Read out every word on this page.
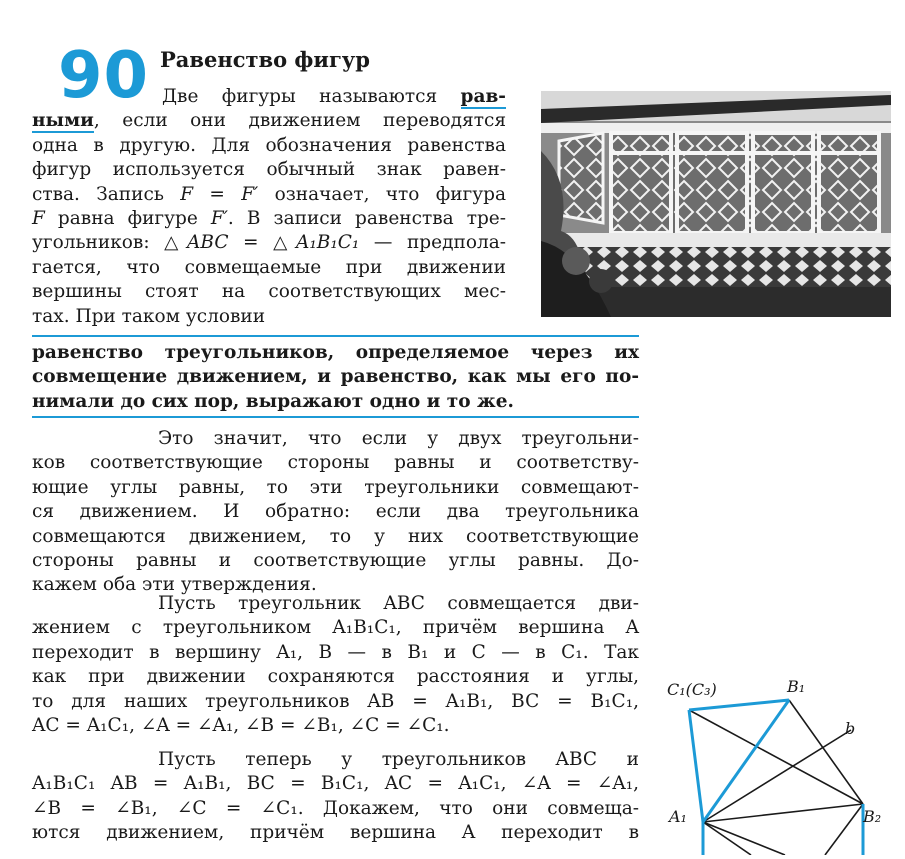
90 Равенство фигур
Две фигуры называются рав-
ными, если они движением переводятся
одна в другую. Для обозначения равенства
фигур используется обычный знак равен-
ства. Запись F = F′ означает, что фигура
F равна фигуре F′. В записи равенства тре-
угольников: △ABC = △A₁B₁C₁ — предпола-
гается, что совмещаемые при движении
вершины стоят на соответствующих мес-
тах. При таком условии
равенство треугольников, определяемое через их
совмещение движением, и равенство, как мы его по-
нимали до сих пор, выражают одно и то же.
Это значит, что если у двух треугольни-
ков соответствующие стороны равны и соответству-
ющие углы равны, то эти треугольники совмещают-
ся движением. И обратно: если два треугольника
совмещаются движением, то у них соответствующие
стороны равны и соответствующие углы равны. До-
кажем оба эти утверждения.
Пусть треугольник ABC совмещается дви-
жением с треугольником A₁B₁C₁, причём вершина A
переходит в вершину A₁, B — в B₁ и C — в C₁. Так
как при движении сохраняются расстояния и углы,
то для наших треугольников AB = A₁B₁, BC = B₁C₁,
AC = A₁C₁, ∠A = ∠A₁, ∠B = ∠B₁, ∠C = ∠C₁.
Пусть теперь у треугольников ABC и
A₁B₁C₁ AB = A₁B₁, BC = B₁C₁, AC = A₁C₁, ∠A = ∠A₁,
∠B = ∠B₁, ∠C = ∠C₁. Докажем, что они совмеща-
ются движением, причём вершина A переходит в
C₁(C₃)	B₁
b
A₁	B₂
